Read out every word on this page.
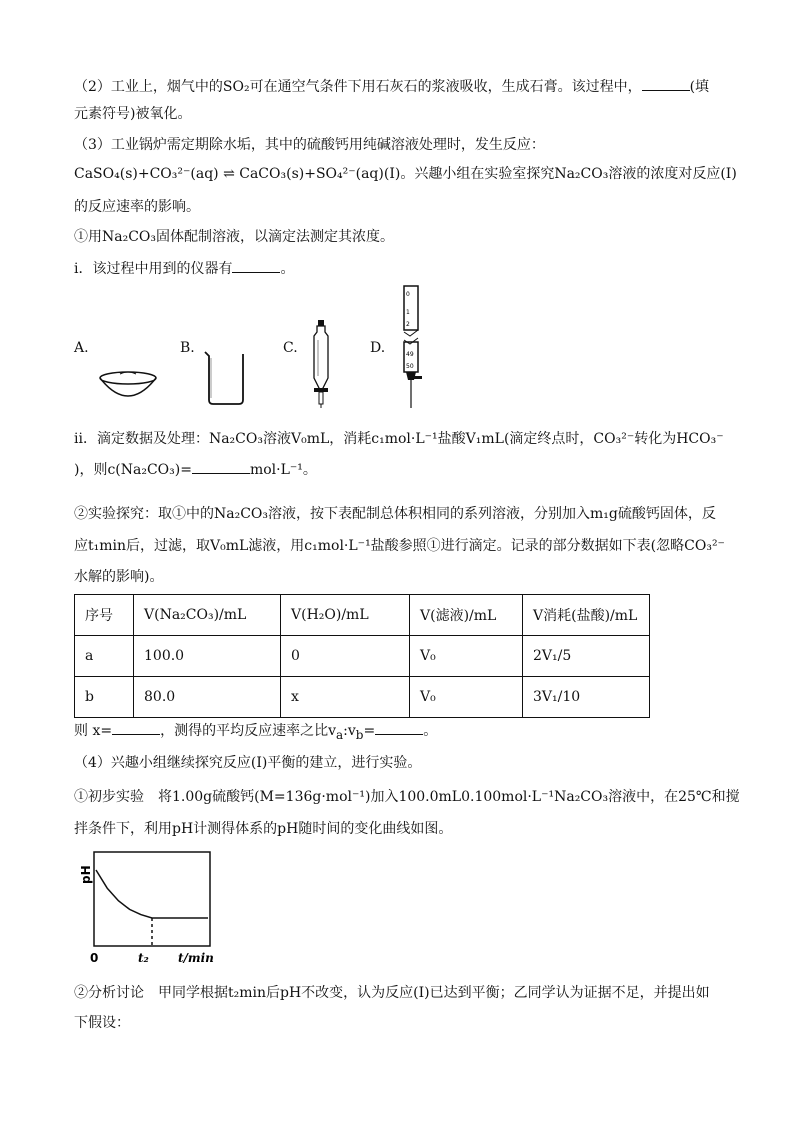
（2）工业上，烟气中的SO₂可在通空气条件下用石灰石的浆液吸收，生成石膏。该过程中，	(填
元素符号)被氧化。
（3）工业锅炉需定期除水垢，其中的硫酸钙用纯碱溶液处理时，发生反应：
CaSO₄(s)+CO₃²⁻(aq) ⇌ CaCO₃(s)+SO₄²⁻(aq)(I)。兴趣小组在实验室探究Na₂CO₃溶液的浓度对反应(I)
的反应速率的影响。
①用Na₂CO₃固体配制溶液，以滴定法测定其浓度。
i．该过程中用到的仪器有	。
A.	B.	C.	D.
0
1
2
49
50
ii．滴定数据及处理：Na₂CO₃溶液V₀mL，消耗c₁mol·L⁻¹盐酸V₁mL(滴定终点时，CO₃²⁻转化为HCO₃⁻
)，则c(Na₂CO₃)=	mol·L⁻¹。
②实验探究：取①中的Na₂CO₃溶液，按下表配制总体积相同的系列溶液，分别加入m₁g硫酸钙固体，反
应t₁min后，过滤，取V₀mL滤液，用c₁mol·L⁻¹盐酸参照①进行滴定。记录的部分数据如下表(忽略CO₃²⁻
水解的影响)。
序号	V(Na₂CO₃)/mL	V(H₂O)/mL	V(滤液)/mL	V消耗(盐酸)/mL
a	100.0	0	V₀	2V₁/5
b	80.0	x	V₀	3V₁/10
则 x=	，测得的平均反应速率之比$v_a:v_b=$	。
（4）兴趣小组继续探究反应(I)平衡的建立，进行实验。
①初步实验　将1.00g硫酸钙(M=136g·mol⁻¹)加入100.0mL0.100mol·L⁻¹Na₂CO₃溶液中，在25℃和搅
拌条件下，利用pH计测得体系的pH随时间的变化曲线如图。
pH
0	t₂ t/min
②分析讨论　甲同学根据t₂min后pH不改变，认为反应(I)已达到平衡；乙同学认为证据不足，并提出如
下假设：
